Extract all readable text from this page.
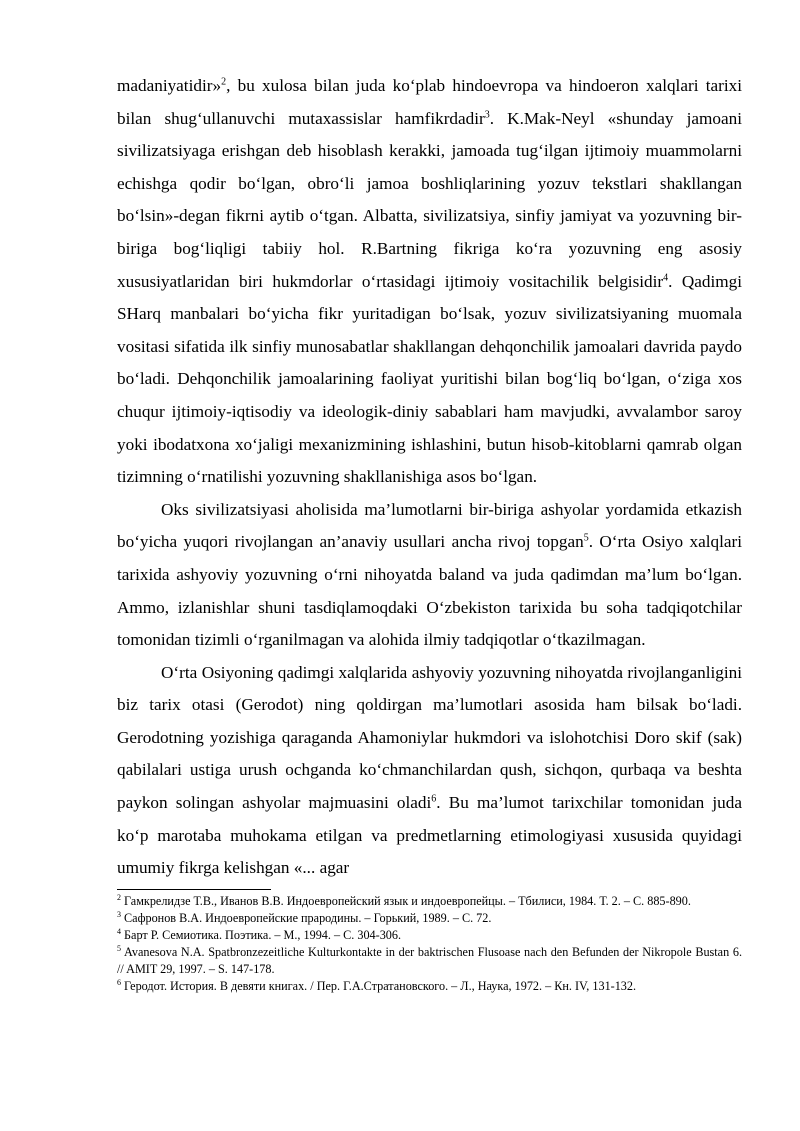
madaniyatidir»$^2$, bu xulosa bilan juda ko‘plab hindoevropa va hindoeron xalqlari tarixi bilan shug‘ullanuvchi mutaxassislar hamfikrdadir$^3$. K.Mak-Neyl «shunday jamoani sivilizatsiyaga erishgan deb hisoblash kerakki, jamoada tug‘ilgan ijtimoiy muammolarni echishga qodir bo‘lgan, obro‘li jamoa boshliqlarining yozuv tekstlari shakllangan bo‘lsin»-degan fikrni aytib o‘tgan. Albatta, sivilizatsiya, sinfiy jamiyat va yozuvning bir-biriga bog‘liqligi tabiiy hol. R.Bartning fikriga ko‘ra yozuvning eng asosiy xususiyatlaridan biri hukmdorlar o‘rtasidagi ijtimoiy vositachilik belgisidir$^4$. Qadimgi SHarq manbalari bo‘yicha fikr yuritadigan bo‘lsak, yozuv sivilizatsiyaning muomala vositasi sifatida ilk sinfiy munosabatlar shakllangan dehqonchilik jamoalari davrida paydo bo‘ladi. Dehqonchilik jamoalarining faoliyat yuritishi bilan bog‘liq bo‘lgan, o‘ziga xos chuqur ijtimoiy-iqtisodiy va ideologik-diniy sabablari ham mavjudki, avvalambor saroy yoki ibodatxona xo‘jaligi mexanizmining ishlashini, butun hisob-kitoblarni qamrab olgan tizimning o‘rnatilishi yozuvning shakllanishiga asos bo‘lgan.

Oks sivilizatsiyasi aholisida ma’lumotlarni bir-biriga ashyolar yordamida etkazish bo‘yicha yuqori rivojlangan an’anaviy usullari ancha rivoj topgan$^5$. O‘rta Osiyo xalqlari tarixida ashyoviy yozuvning o‘rni nihoyatda baland va juda qadimdan ma’lum bo‘lgan. Ammo, izlanishlar shuni tasdiqlamoqdaki O‘zbekiston tarixida bu soha tadqiqotchilar tomonidan tizimli o‘rganilmagan va alohida ilmiy tadqiqotlar o‘tkazilmagan.

O‘rta Osiyoning qadimgi xalqlarida ashyoviy yozuvning nihoyatda rivojlanganligini biz tarix otasi (Gerodot) ning qoldirgan ma’lumotlari asosida ham bilsak bo‘ladi. Gerodotning yozishiga qaraganda Ahamoniylar hukmdori va islohotchisi Doro skif (sak) qabilalari ustiga urush ochganda ko‘chmanchilardan qush, sichqon, qurbaqa va beshta paykon solingan ashyolar majmuasini oladi$^6$. Bu ma’lumot tarixchilar tomonidan juda ko‘p marotaba muhokama etilgan va predmetlarning etimologiyasi xususida quyidagi umumiy fikrga kelishgan «... agar

$^2$ Гамкрелидзе Т.В., Иванов В.В. Индоевропейский язык и индоевропейцы. – Тбилиси, 1984. Т. 2. – С. 885-890.

$^3$ Сафронов В.А. Индоевропейские прародины. – Горький, 1989. – С. 72.

$^4$ Барт Р. Семиотика. Поэтика. – М., 1994. – С. 304-306.

$^5$ Avanesova N.A. Spatbronzezeitliche Kulturkontakte in der baktrischen Flusoase nach den Befunden der Nikropole Bustan 6. // AMIT 29, 1997. – S. 147-178.

$^6$ Геродот. История. В девяти книгах. / Пер. Г.А.Стратановского. – Л., Наука, 1972. – Кн. IV, 131-132.
